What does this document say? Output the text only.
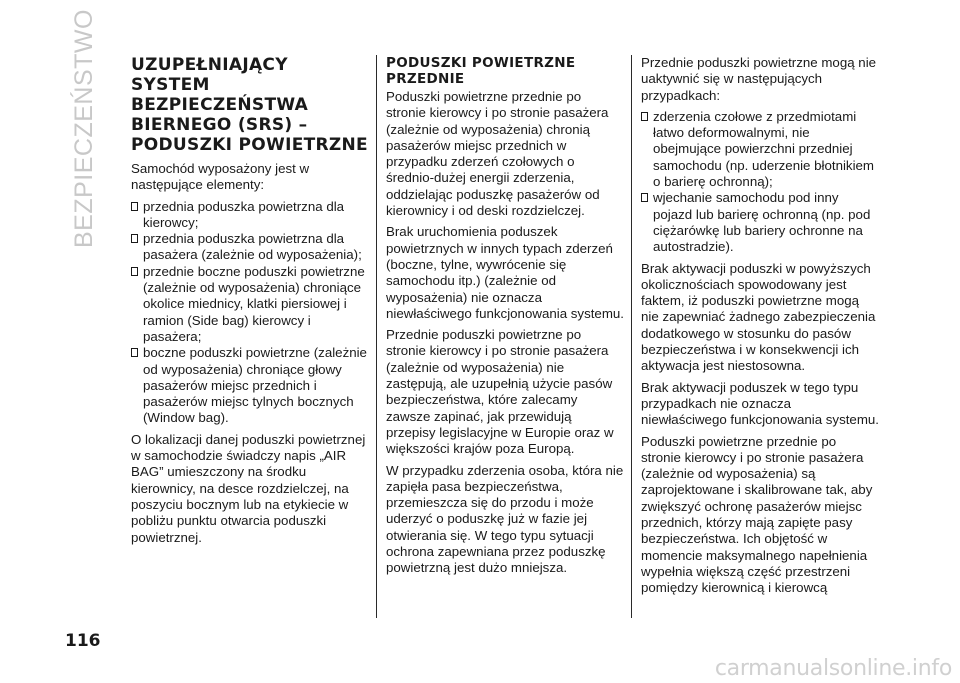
BEZPIECZEŃSTWO UZUPEŁNIAJĄCY SYSTEM BEZPIECZEŃSTWA BIERNEGO (SRS) – PODUSZKI POWIETRZNE

Samochód wyposażony jest w następujące elementy:

przednia poduszka powietrzna dla kierowcy;

przednia poduszka powietrzna dla pasażera (zależnie od wyposażenia);

przednie boczne poduszki powietrzne (zależnie od wyposażenia) chroniące okolice miednicy, klatki piersiowej i ramion (Side bag) kierowcy i pasażera;

boczne poduszki powietrzne (zależnie od wyposażenia) chroniące głowy pasażerów miejsc przednich i pasażerów miejsc tylnych bocznych (Window bag).

O lokalizacji danej poduszki powietrznej w samochodzie świadczy napis „AIR BAG” umieszczony na środku kierownicy, na desce rozdzielczej, na poszyciu bocznym lub na etykiecie w pobliżu punktu otwarcia poduszki powietrznej.

PODUSZKI POWIETRZNE PRZEDNIE

Poduszki powietrzne przednie po stronie kierowcy i po stronie pasażera (zależnie od wyposażenia) chronią pasażerów miejsc przednich w przypadku zderzeń czołowych o średnio-dużej energii zderzenia, oddzielając poduszkę pasażerów od kierownicy i od deski rozdzielczej.

Brak uruchomienia poduszek powietrznych w innych typach zderzeń (boczne, tylne, wywrócenie się samochodu itp.) (zależnie od wyposażenia) nie oznacza niewłaściwego funkcjonowania systemu.

Przednie poduszki powietrzne po stronie kierowcy i po stronie pasażera (zależnie od wyposażenia) nie zastępują, ale uzupełnią użycie pasów bezpieczeństwa, które zalecamy zawsze zapinać, jak przewidują przepisy legislacyjne w Europie oraz w większości krajów poza Europą.

W przypadku zderzenia osoba, która nie zapięła pasa bezpieczeństwa, przemieszcza się do przodu i może uderzyć o poduszkę już w fazie jej otwierania się. W tego typu sytuacji ochrona zapewniana przez poduszkę powietrzną jest dużo mniejsza.

Przednie poduszki powietrzne mogą nie uaktywnić się w następujących przypadkach:

zderzenia czołowe z przedmiotami łatwo deformowalnymi, nie obejmujące powierzchni przedniej samochodu (np. uderzenie błotnikiem o barierę ochronną);

wjechanie samochodu pod inny pojazd lub barierę ochronną (np. pod ciężarówkę lub bariery ochronne na autostradzie).

Brak aktywacji poduszki w powyższych okolicznościach spowodowany jest faktem, iż poduszki powietrzne mogą nie zapewniać żadnego zabezpieczenia dodatkowego w stosunku do pasów bezpieczeństwa i w konsekwencji ich aktywacja jest niestosowna.

Brak aktywacji poduszek w tego typu przypadkach nie oznacza niewłaściwego funkcjonowania systemu.

Poduszki powietrzne przednie po stronie kierowcy i po stronie pasażera (zależnie od wyposażenia) są zaprojektowane i skalibrowane tak, aby zwiększyć ochronę pasażerów miejsc przednich, którzy mają zapięte pasy bezpieczeństwa. Ich objętość w momencie maksymalnego napełnienia wypełnia większą część przestrzeni pomiędzy kierownicą i kierowcą

116
carmanualsonline.info
